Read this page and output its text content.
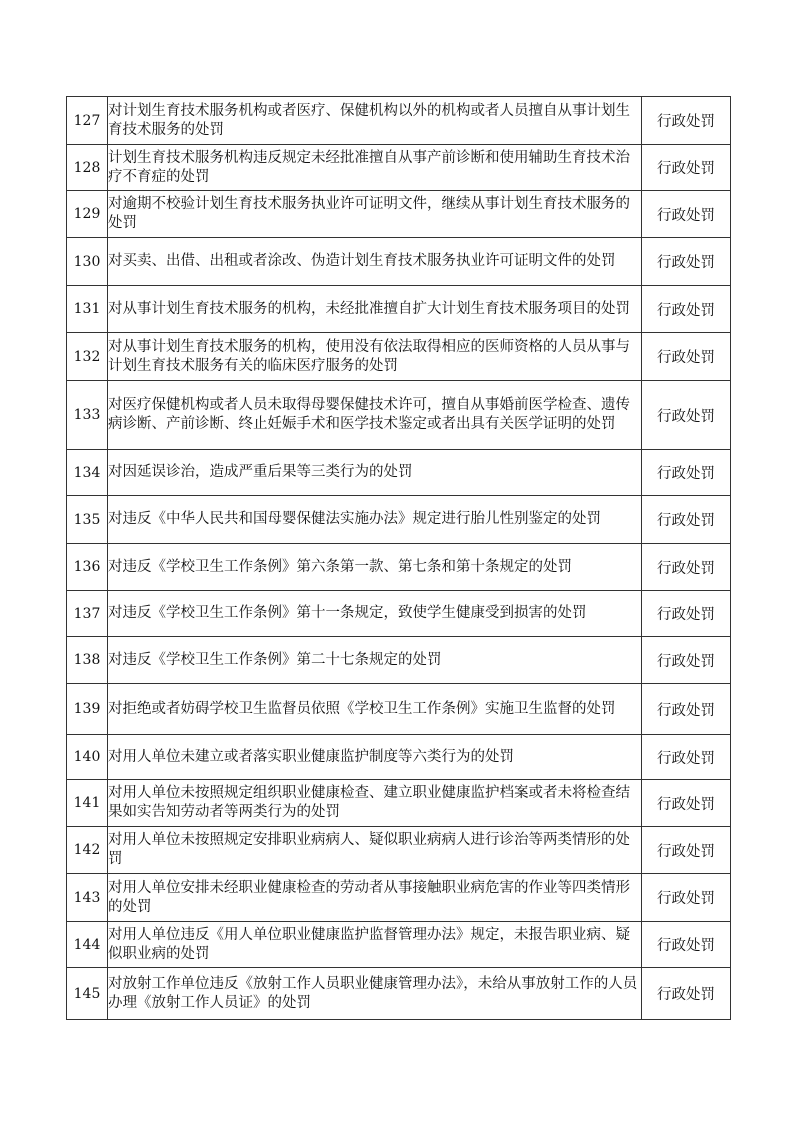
127	对计划生育技术服务机构或者医疗、保健机构以外的机构或者人员擅自从事计划生育技术服务的处罚	行政处罚
128	计划生育技术服务机构违反规定未经批准擅自从事产前诊断和使用辅助生育技术治疗不育症的处罚	行政处罚
129	对逾期不校验计划生育技术服务执业许可证明文件，继续从事计划生育技术服务的处罚	行政处罚
130	对买卖、出借、出租或者涂改、伪造计划生育技术服务执业许可证明文件的处罚	行政处罚
131	对从事计划生育技术服务的机构，未经批准擅自扩大计划生育技术服务项目的处罚	行政处罚
132	对从事计划生育技术服务的机构，使用没有依法取得相应的医师资格的人员从事与计划生育技术服务有关的临床医疗服务的处罚	行政处罚
133	对医疗保健机构或者人员未取得母婴保健技术许可，擅自从事婚前医学检查、遗传病诊断、产前诊断、终止妊娠手术和医学技术鉴定或者出具有关医学证明的处罚	行政处罚
134	对因延误诊治，造成严重后果等三类行为的处罚	行政处罚
135	对违反《中华人民共和国母婴保健法实施办法》规定进行胎儿性别鉴定的处罚	行政处罚
136	对违反《学校卫生工作条例》第六条第一款、第七条和第十条规定的处罚	行政处罚
137	对违反《学校卫生工作条例》第十一条规定，致使学生健康受到损害的处罚	行政处罚
138	对违反《学校卫生工作条例》第二十七条规定的处罚	行政处罚
139	对拒绝或者妨碍学校卫生监督员依照《学校卫生工作条例》实施卫生监督的处罚	行政处罚
140	对用人单位未建立或者落实职业健康监护制度等六类行为的处罚	行政处罚
141	对用人单位未按照规定组织职业健康检查、建立职业健康监护档案或者未将检查结果如实告知劳动者等两类行为的处罚	行政处罚
142	对用人单位未按照规定安排职业病病人、疑似职业病病人进行诊治等两类情形的处罚	行政处罚
143	对用人单位安排未经职业健康检查的劳动者从事接触职业病危害的作业等四类情形的处罚	行政处罚
144	对用人单位违反《用人单位职业健康监护监督管理办法》规定，未报告职业病、疑似职业病的处罚	行政处罚
145	对放射工作单位违反《放射工作人员职业健康管理办法》，未给从事放射工作的人员办理《放射工作人员证》的处罚	行政处罚
